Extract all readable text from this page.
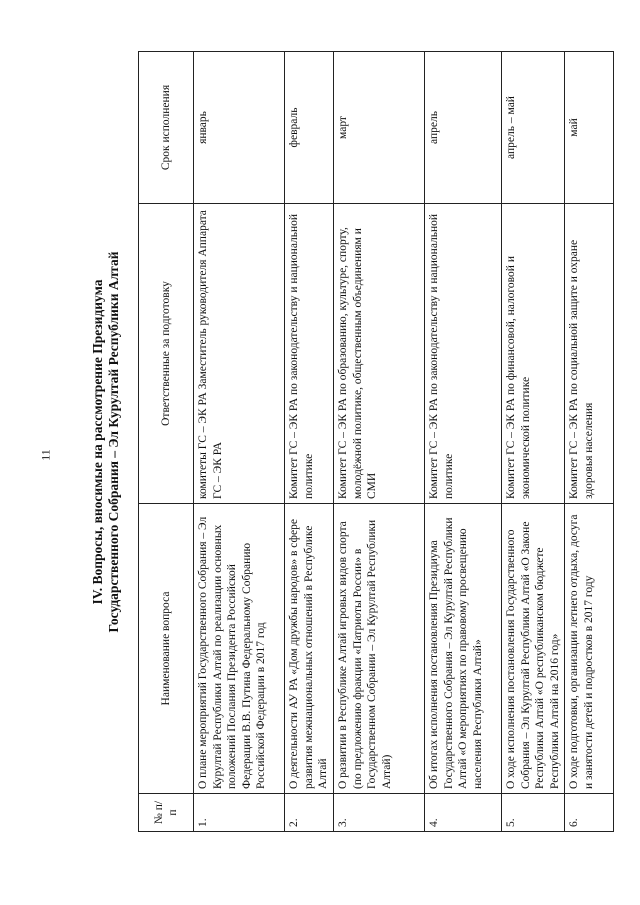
11	IV. Вопросы, вносимые на рассмотрение Президиума Государственного Собрания – Эл Курултай Республики Алтай
№ п/п	Наименование вопроса	Ответственные за подготовку	Срок исполнения
1.	О плане мероприятий Государственного Собрания – Эл Курултай Республики Алтай по реализации основных положений Послания Президента Российской Федерации В.В. Путина Федеральному Собранию Российской Федерации в 2017 год	комитеты ГС – ЭК РА Заместитель руководителя Аппарата ГС – ЭК РА	январь
2.	О деятельности АУ РА «Дом дружбы народов» в сфере развития межнациональных отношений в Республике Алтай	Комитет ГС – ЭК РА по законодательству и национальной политике	февраль
3.	О развитии в Республике Алтай игровых видов спорта (по предложению фракции «Патриоты России» в Государственном Собрании – Эл Курултай Республики Алтай)	Комитет ГС – ЭК РА по образованию, культуре, спорту, молодёжной политике, общественным объединениям и СМИ	март
4.	Об итогах исполнения постановления Президиума Государственного Собрания – Эл Курултай Республики Алтай «О мероприятиях по правовому просвещению населения Республики Алтай»	Комитет ГС – ЭК РА по законодательству и национальной политике	апрель
5.	О ходе исполнения постановления Государственного Собрания – Эл Курултай Республики Алтай «О Законе Республики Алтай «О республиканском бюджете Республики Алтай на 2016 год»	Комитет ГС – ЭК РА по финансовой, налоговой и экономической политике	апрель – май
6.	О ходе подготовки, организации летнего отдыха, досуга и занятости детей и подростков в 2017 году	Комитет ГС – ЭК РА по социальной защите и охране здоровья населения	май
